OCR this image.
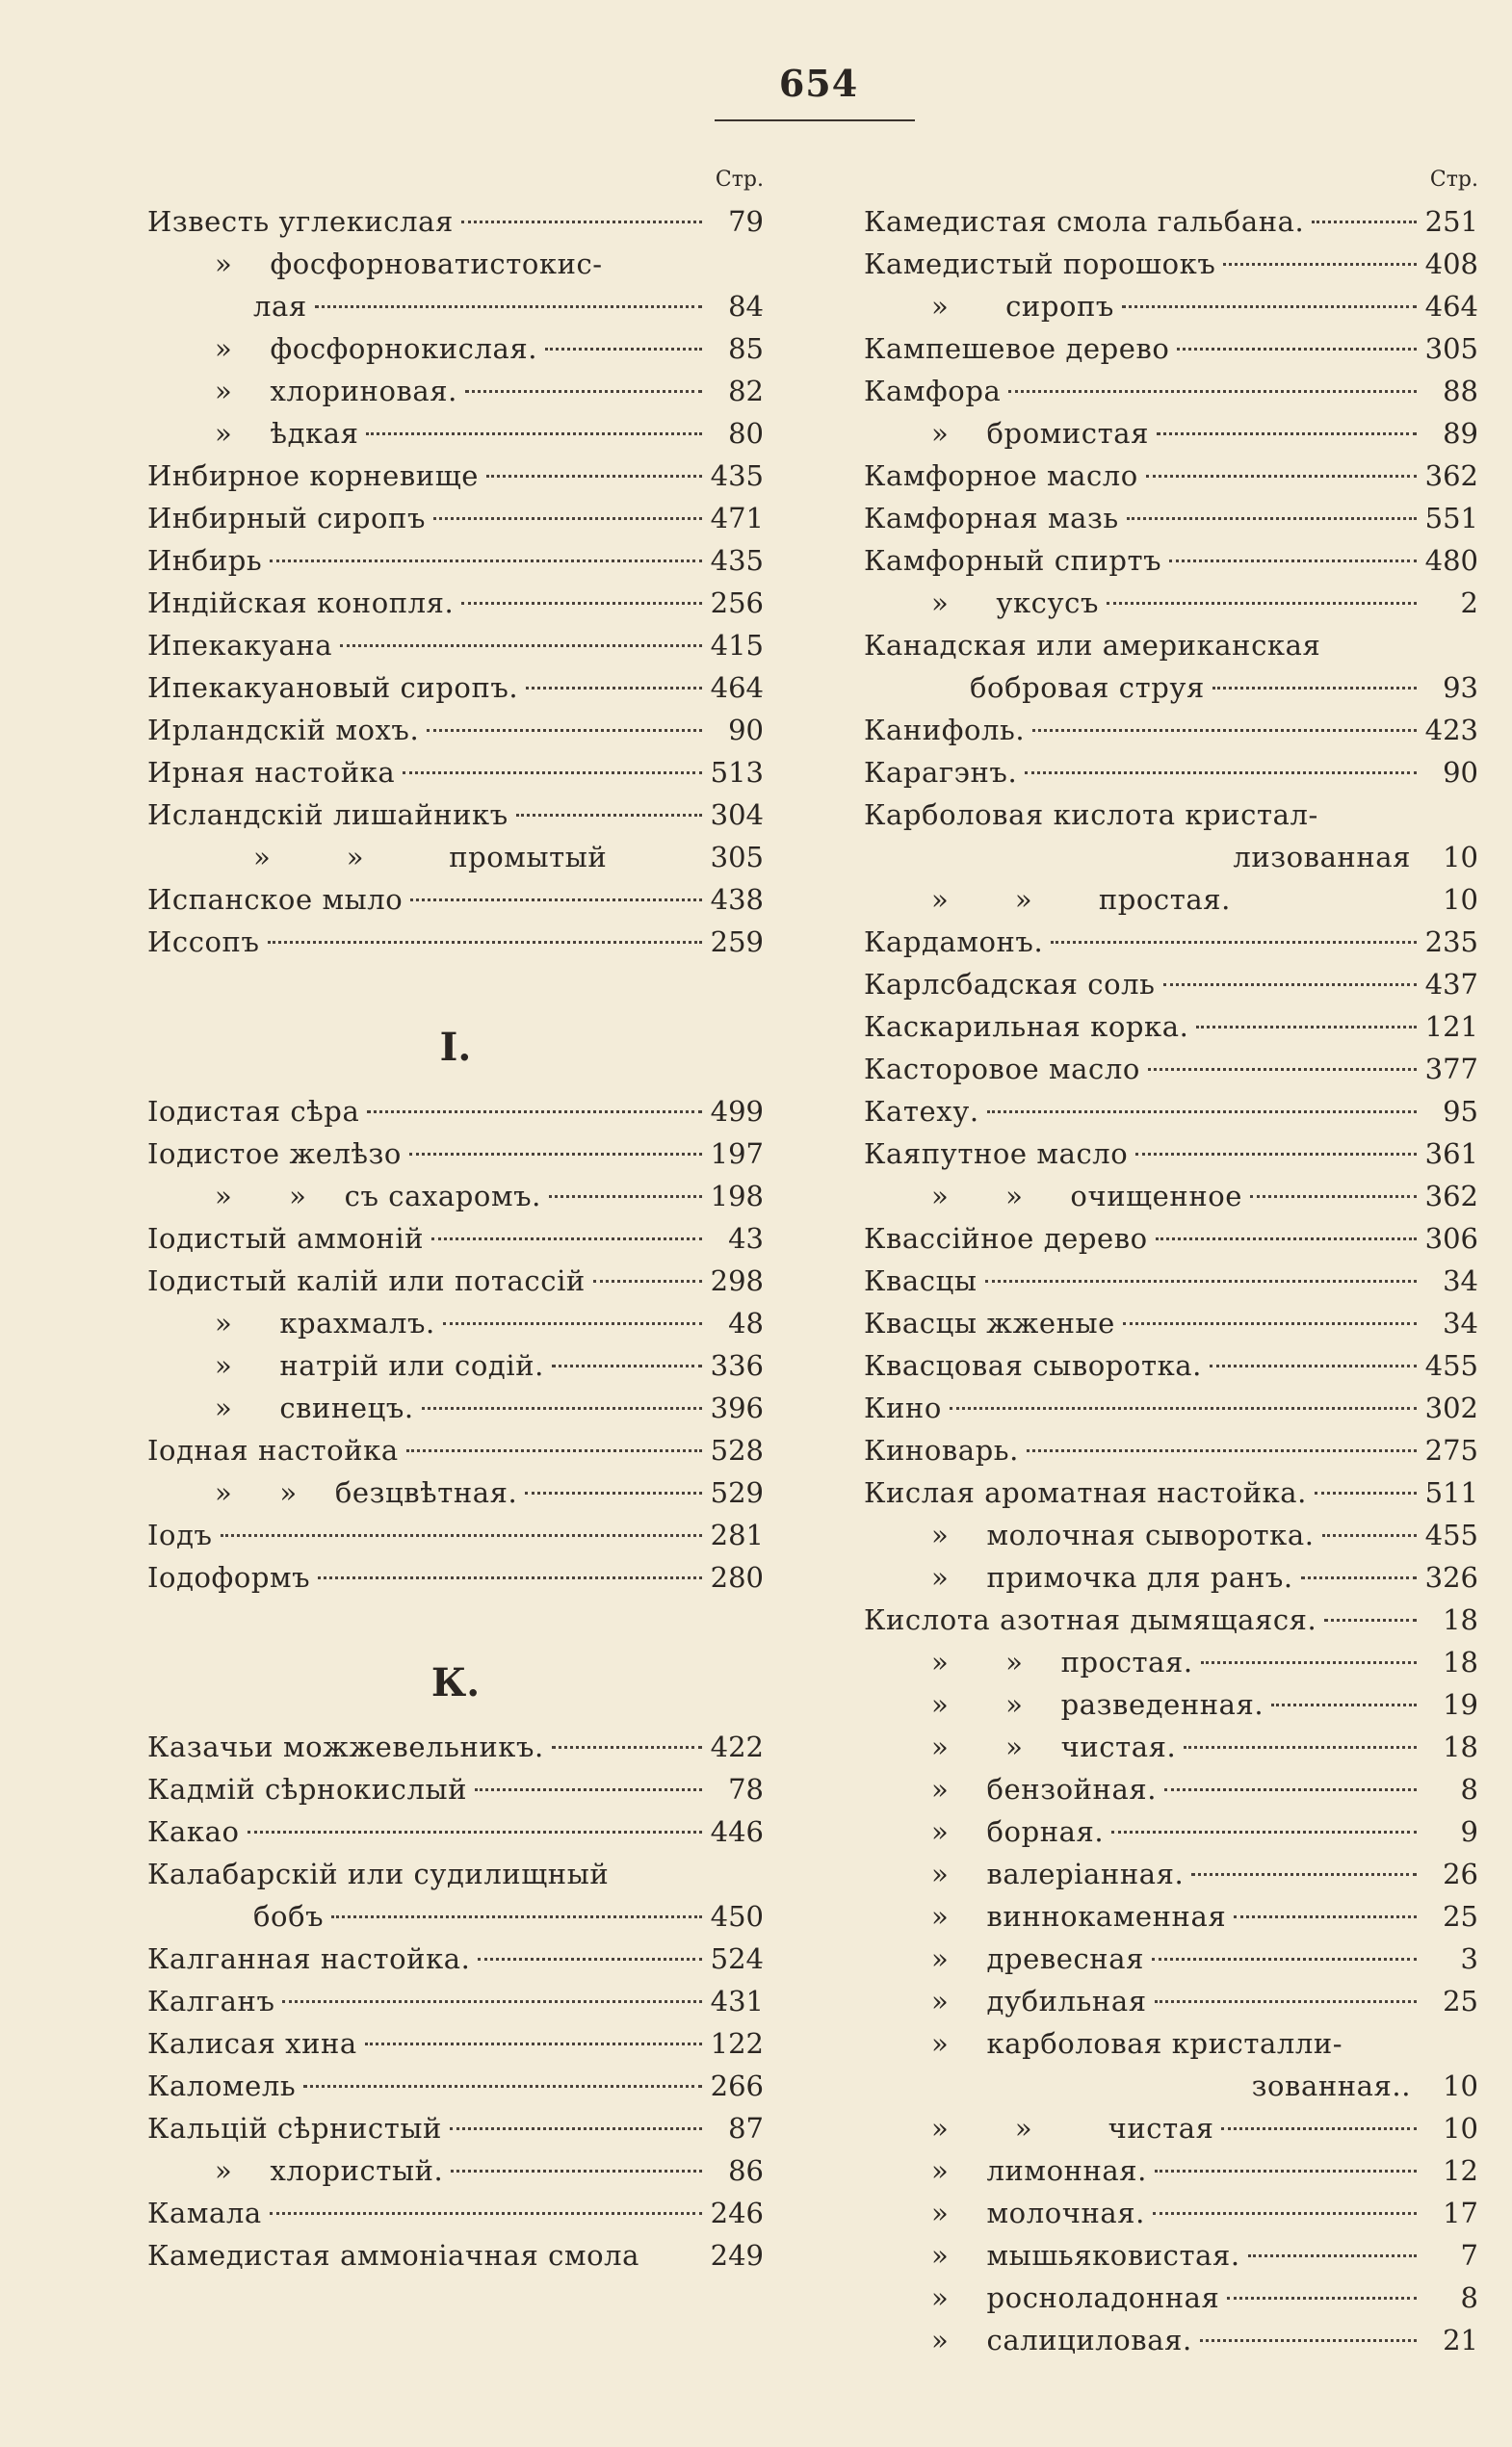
654
Стр.
Известь углекислая	79
»    фосфорноватистокис-
лая	84
»    фосфорнокислая.	85
»    хлориновая.	82
»    ѣдкая	80
Инбирное корневище	435
Инбирный сиропъ	471
Инбирь	435
Индійская конопля.	256
Ипекакуана	415
Ипекакуановый сиропъ.	464
Ирландскій мохъ.	90
Ирная настойка	513
Исландскій лишайникъ	304
»        »         промытый	305
Испанское мыло	438
Иссопъ	259
I.
Іодистая сѣра	499
Іодистое желѣзо	197
»      »    съ сахаромъ.	198
Іодистый аммоній	43
Іодистый калій или потассій	298
»     крахмалъ.	48
»     натрій или содій.	336
»     свинецъ.	396
Іодная настойка	528
»     »    безцвѣтная.	529
Іодъ	281
Іодоформъ	280
К.
Казачьи можжевельникъ.	422
Кадмій сѣрнокислый	78
Какао	446
Калабарскій или судилищный
бобъ	450
Калганная настойка.	524
Калганъ	431
Калисая хина	122
Каломель	266
Кальцій сѣрнистый	87
»    хлористый.	86
Камала	246
Камедистая аммоніачная смола	249
Стр.
Камедистая смола гальбана.	251
Камедистый порошокъ	408
»      сиропъ	464
Кампешевое дерево	305
Камфора	88
»    бромистая	89
Камфорное масло	362
Камфорная мазь	551
Камфорный спиртъ	480
»     уксусъ	2
Канадская или американская
бобровая струя	93
Канифоль.	423
Карагэнъ.	90
Карболовая кислота кристал-
лизованная	10
»       »       простая.	10
Кардамонъ.	235
Карлсбадская соль	437
Каскарильная корка.	121
Касторовое масло	377
Катеху.	95
Каяпутное масло	361
»      »     очищенное	362
Квассійное дерево	306
Квасцы	34
Квасцы жженые	34
Квасцовая сыворотка.	455
Кино	302
Киноварь.	275
Кислая ароматная настойка.	511
»    молочная сыворотка.	455
»    примочка для ранъ.	326
Кислота азотная дымящаяся.	18
»      »    простая.	18
»      »    разведенная.	19
»      »    чистая.	18
»    бензойная.	8
»    борная.	9
»    валеріанная.	26
»    виннокаменная	25
»    древесная	3
»    дубильная	25
»    карболовая кристалли-
зованная..	10
»       »        чистая	10
»    лимонная.	12
»    молочная.	17
»    мышьяковистая.	7
»    росноладонная	8
»    салициловая.	21
